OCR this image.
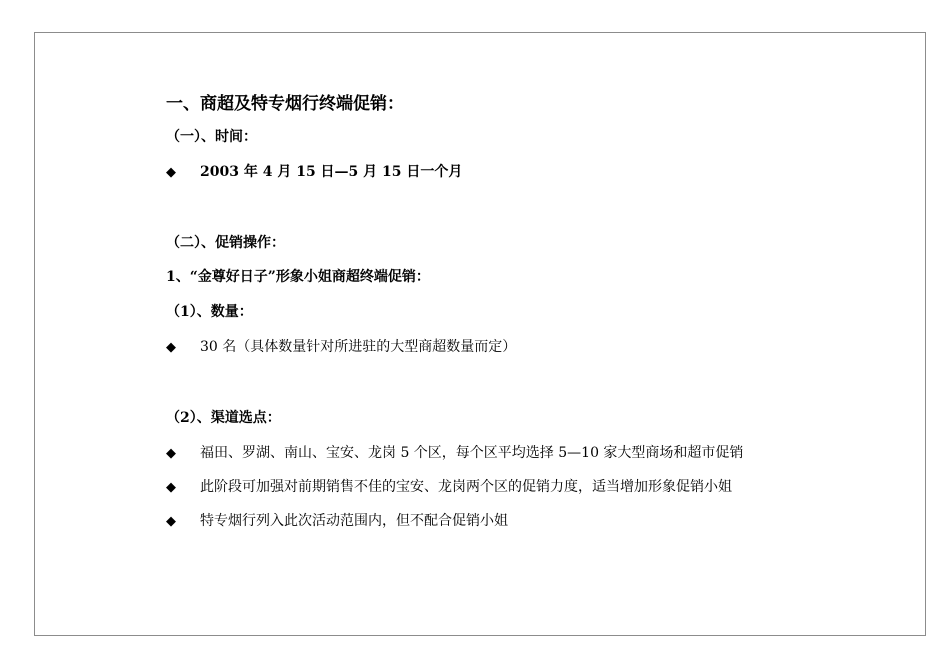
一、商超及特专烟行终端促销：
（一）、时间：
◆ 2003 年 4 月 15 日—5 月 15 日一个月
（二）、促销操作：
1、“金尊好日子”形象小姐商超终端促销：
（1）、数量：
◆ 30 名（具体数量针对所进驻的大型商超数量而定）
（2）、渠道选点：
◆ 福田、罗湖、南山、宝安、龙岗 5 个区，每个区平均选择 5—10 家大型商场和超市促销
◆ 此阶段可加强对前期销售不佳的宝安、龙岗两个区的促销力度，适当增加形象促销小姐
◆ 特专烟行列入此次活动范围内，但不配合促销小姐
